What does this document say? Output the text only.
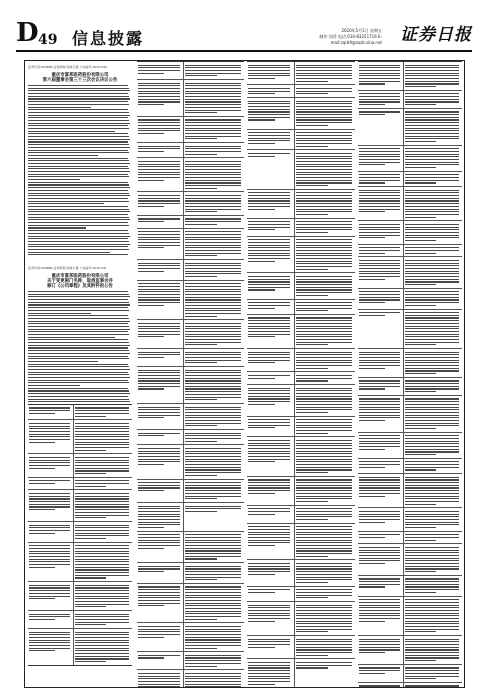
D 49 信息披露	2020年5月1日 星期五
制作:刘萍 电话:010-83251716 E-mail:zqrb9@zqrb.sina.net 证券日报
证券代码:600688 证券简称:冠城大通 公告编号:2020-040
重庆市富邦医药股份有限公司
第六届董事会第三十三次会议决议公告
证券代码:600688 证券简称:冠城大通 公告编号:2020-041
重庆市富邦医药股份有限公司
关于变更部门名称、取消监事会并
修订《公司章程》及其附件的公告
